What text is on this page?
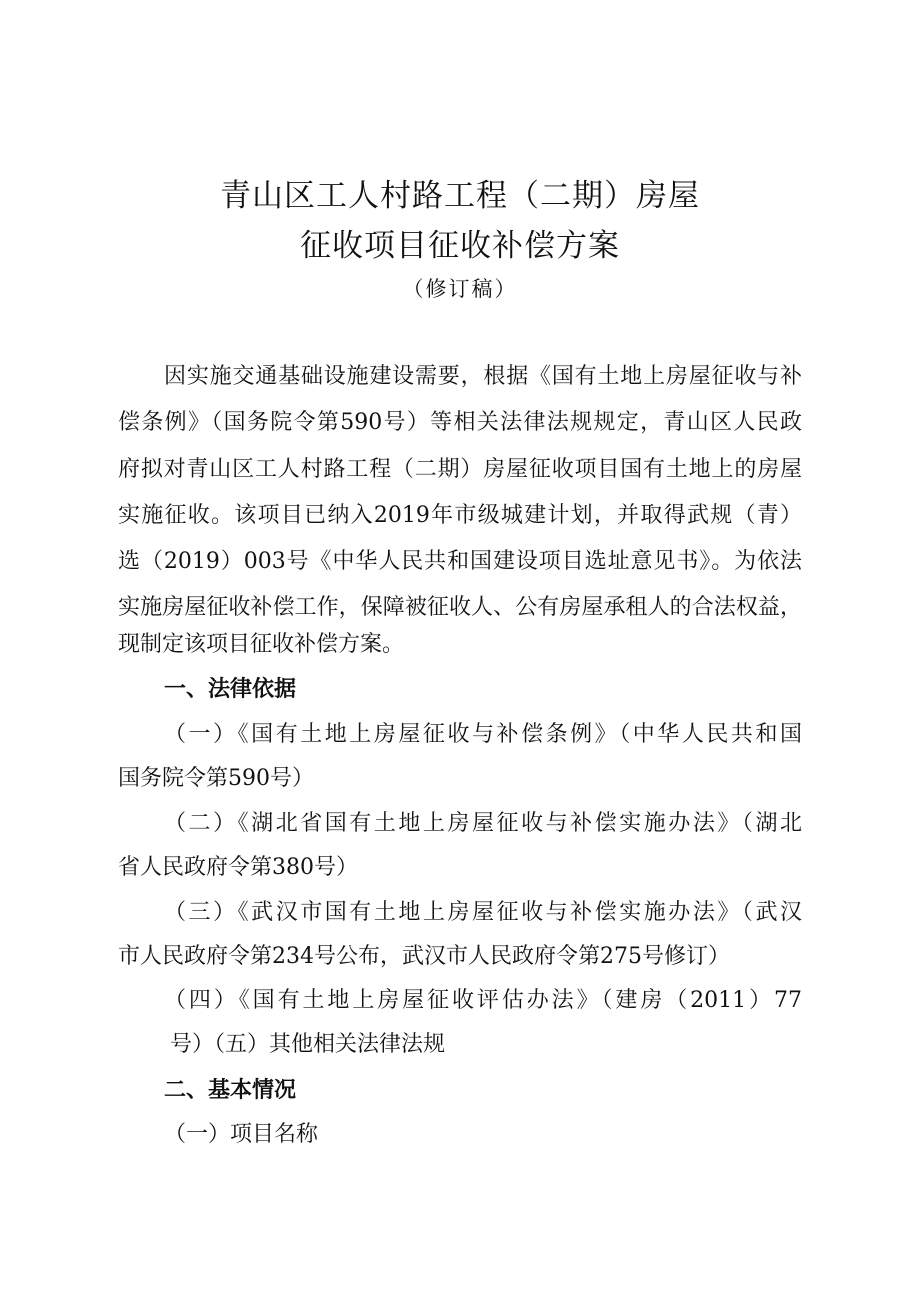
青山区工人村路工程（二期）房屋
征收项目征收补偿方案
（修订稿）
因实施交通基础设施建设需要，根据《国有土地上房屋征收与补
偿条例》（国务院令第590号）等相关法律法规规定，青山区人民政
府拟对青山区工人村路工程（二期）房屋征收项目国有土地上的房屋
实施征收。该项目已纳入2019年市级城建计划，并取得武规（青）
选（2019）003号《中华人民共和国建设项目选址意见书》。为依法
实施房屋征收补偿工作，保障被征收人、公有房屋承租人的合法权益，
现制定该项目征收补偿方案。
一、法律依据
（一）《国有土地上房屋征收与补偿条例》（中华人民共和国
国务院令第590号）
（二）《湖北省国有土地上房屋征收与补偿实施办法》（湖北
省人民政府令第380号）
（三）《武汉市国有土地上房屋征收与补偿实施办法》（武汉
市人民政府令第234号公布，武汉市人民政府令第275号修订）
（四）《国有土地上房屋征收评估办法》（建房（2011）77
号）（五）其他相关法律法规
二、基本情况
（一）项目名称
